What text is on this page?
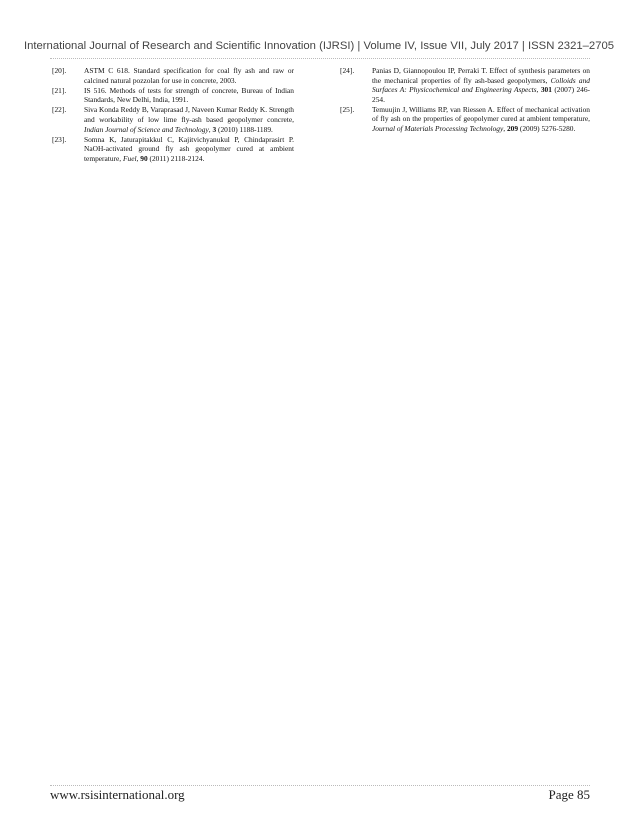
International Journal of Research and Scientific Innovation (IJRSI) | Volume IV, Issue VII, July 2017 | ISSN 2321–2705
[20]. ASTM C 618. Standard specification for coal fly ash and raw or calcined natural pozzolan for use in concrete, 2003.
[21]. IS 516. Methods of tests for strength of concrete, Bureau of Indian Standards, New Delhi, India, 1991.
[22]. Siva Konda Reddy B, Varaprasad J, Naveen Kumar Reddy K. Strength and workability of low lime fly-ash based geopolymer concrete, Indian Journal of Science and Technology, 3 (2010) 1188-1189.
[23]. Somna K, Jaturapitakkul C, Kajitvichyanukul P, Chindaprasirt P. NaOH-activated ground fly ash geopolymer cured at ambient temperature, Fuel, 90 (2011) 2118-2124.
[24]. Panias D, Giannopoulou IP, Perraki T. Effect of synthesis parameters on the mechanical properties of fly ash-based geopolymers, Colloids and Surfaces A: Physicochemical and Engineering Aspects, 301 (2007) 246-254.
[25]. Temuujin J, Williams RP, van Riessen A. Effect of mechanical activation of fly ash on the properties of geopolymer cured at ambient temperature, Journal of Materials Processing Technology, 209 (2009) 5276-5280.
www.rsisinternational.org	Page 85
